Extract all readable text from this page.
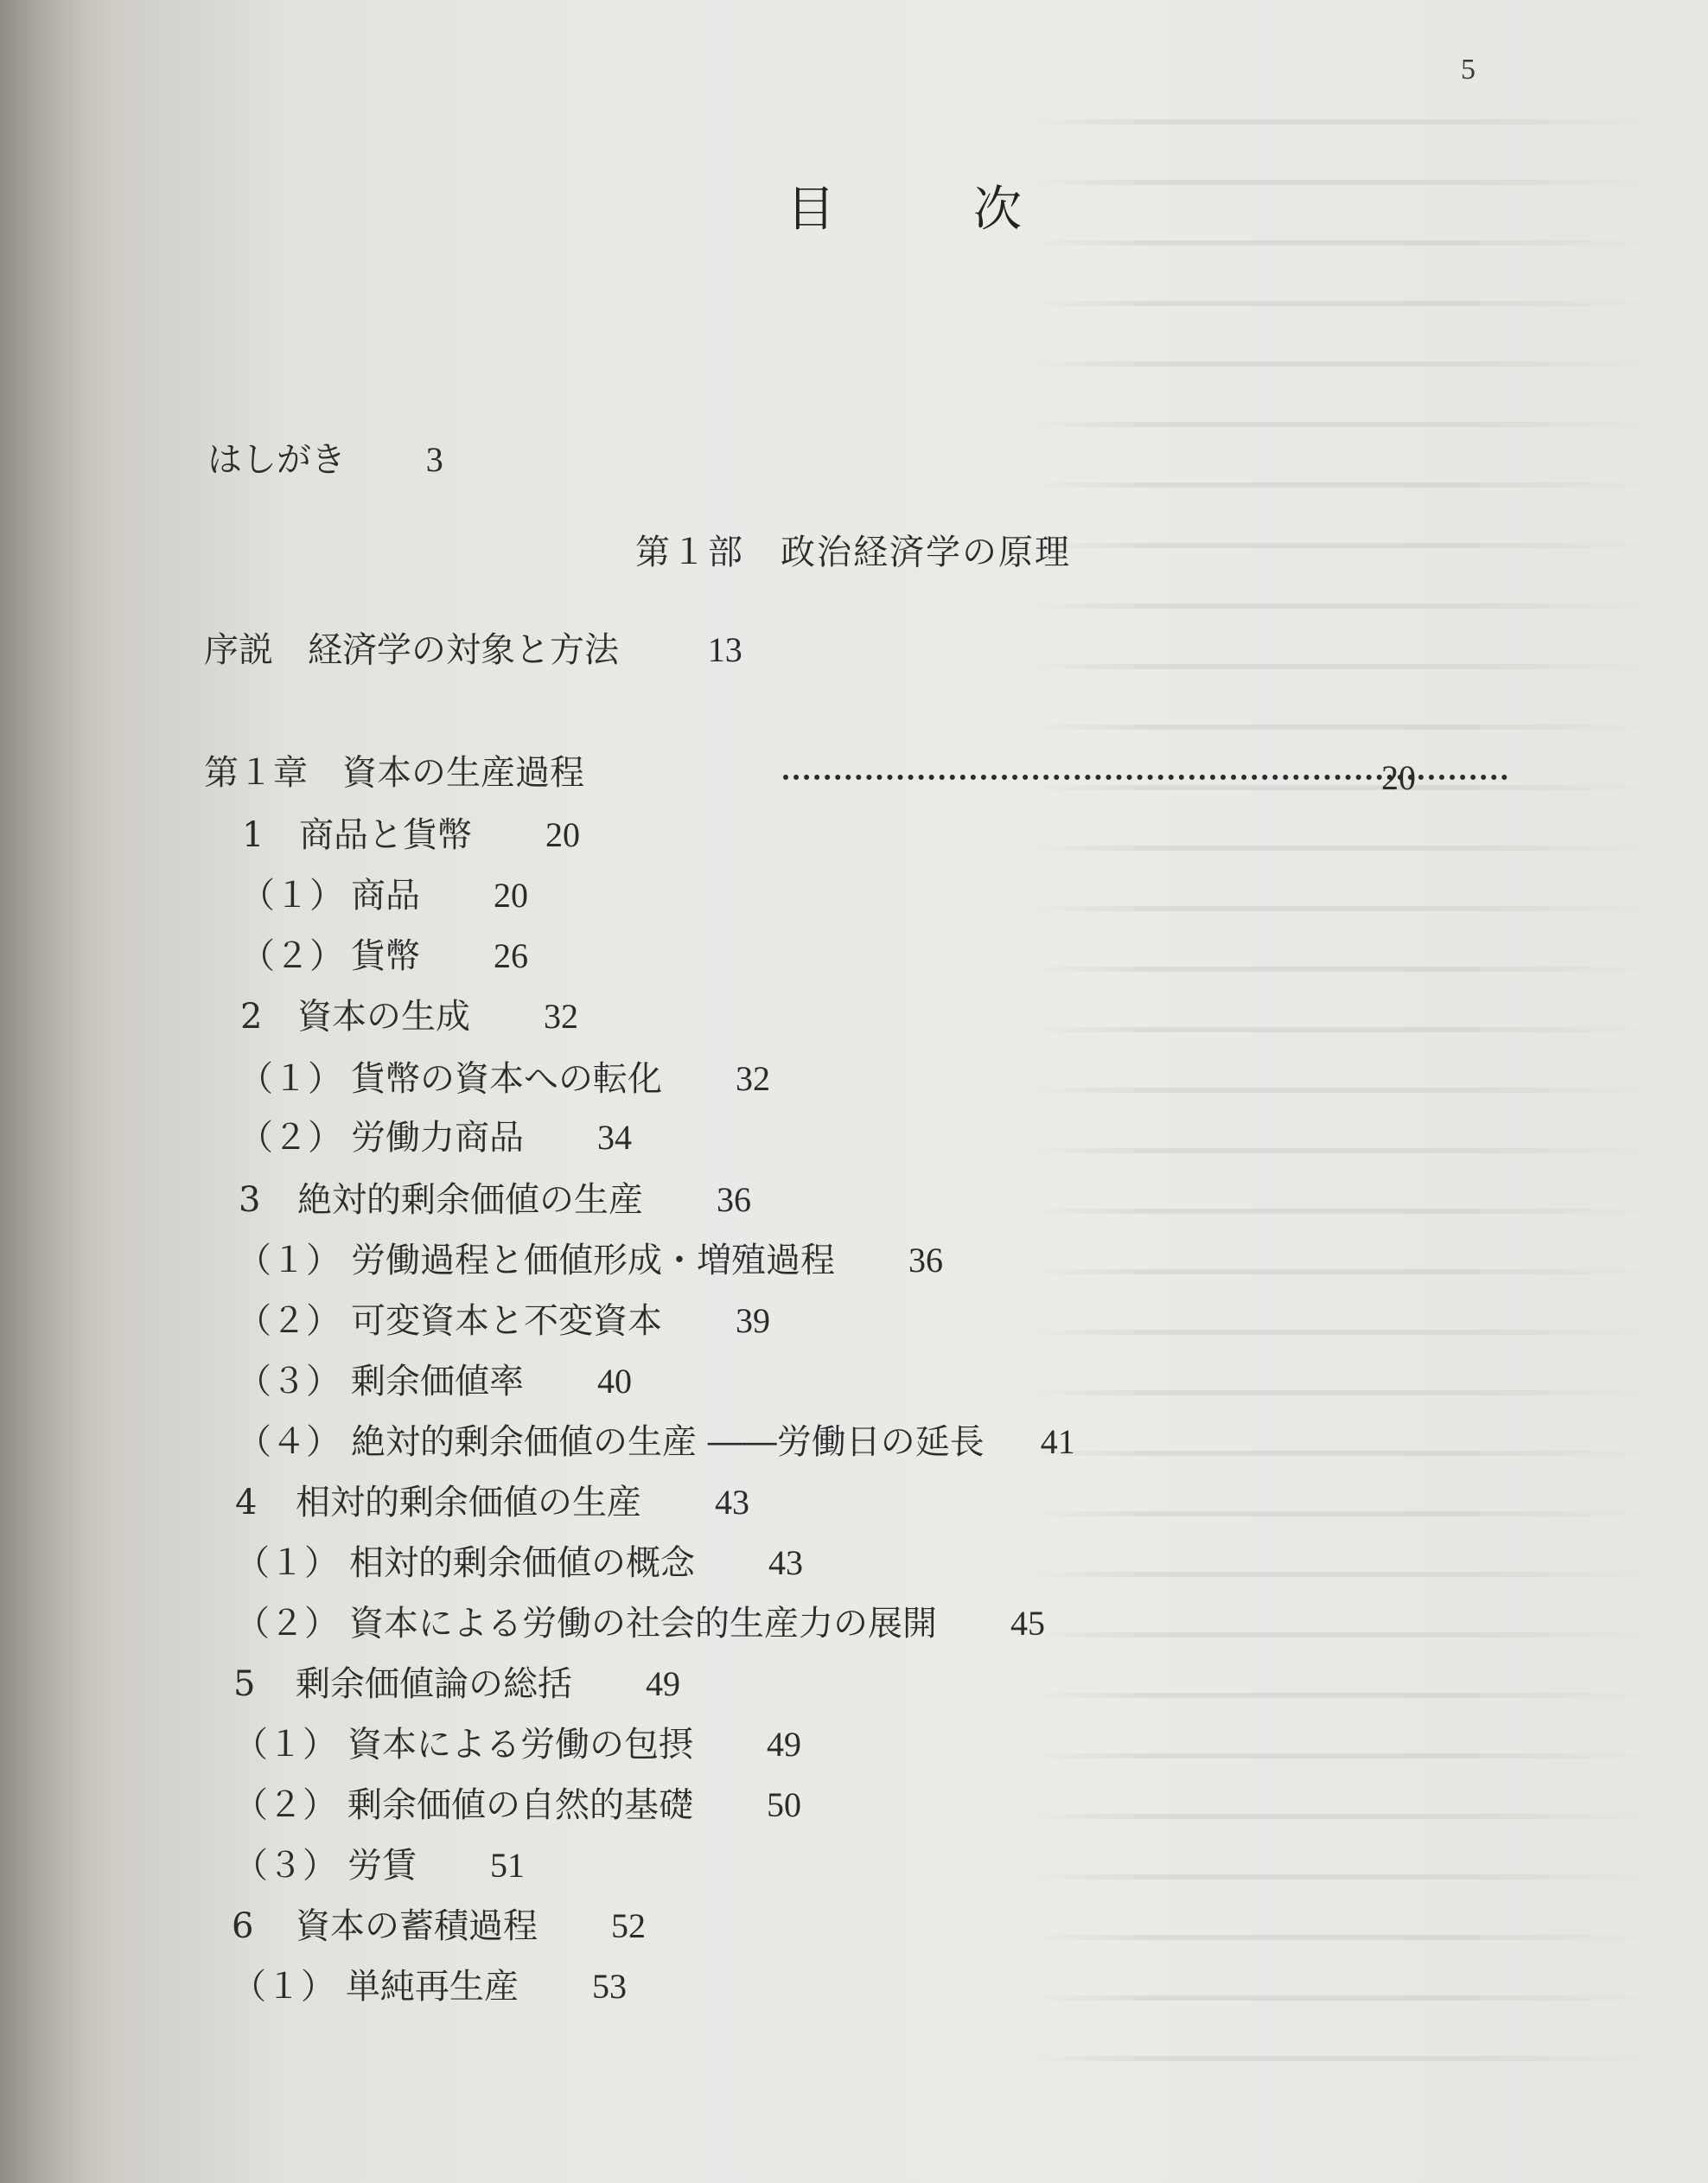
5
目　次
はしがき 3
第１部　政治経済学の原理
序説　経済学の対象と方法	13
第１章　資本の生産過程	20
1 商品と貨幣 20
（１） 商品 20
（２） 貨幣 26
2 資本の生成 32
（１） 貨幣の資本への転化 32
（２） 労働力商品 34
3 絶対的剰余価値の生産 36
（１） 労働過程と価値形成・増殖過程 36
（２） 可変資本と不変資本 39
（３） 剰余価値率 40
（４） 絶対的剰余価値の生産 ――労働日の延長 41
4 相対的剰余価値の生産 43
（１） 相対的剰余価値の概念 43
（２） 資本による労働の社会的生産力の展開 45
5 剰余価値論の総括 49
（１） 資本による労働の包摂 49
（２） 剰余価値の自然的基礎 50
（３） 労賃 51
6 資本の蓄積過程 52
（１） 単純再生産 53
